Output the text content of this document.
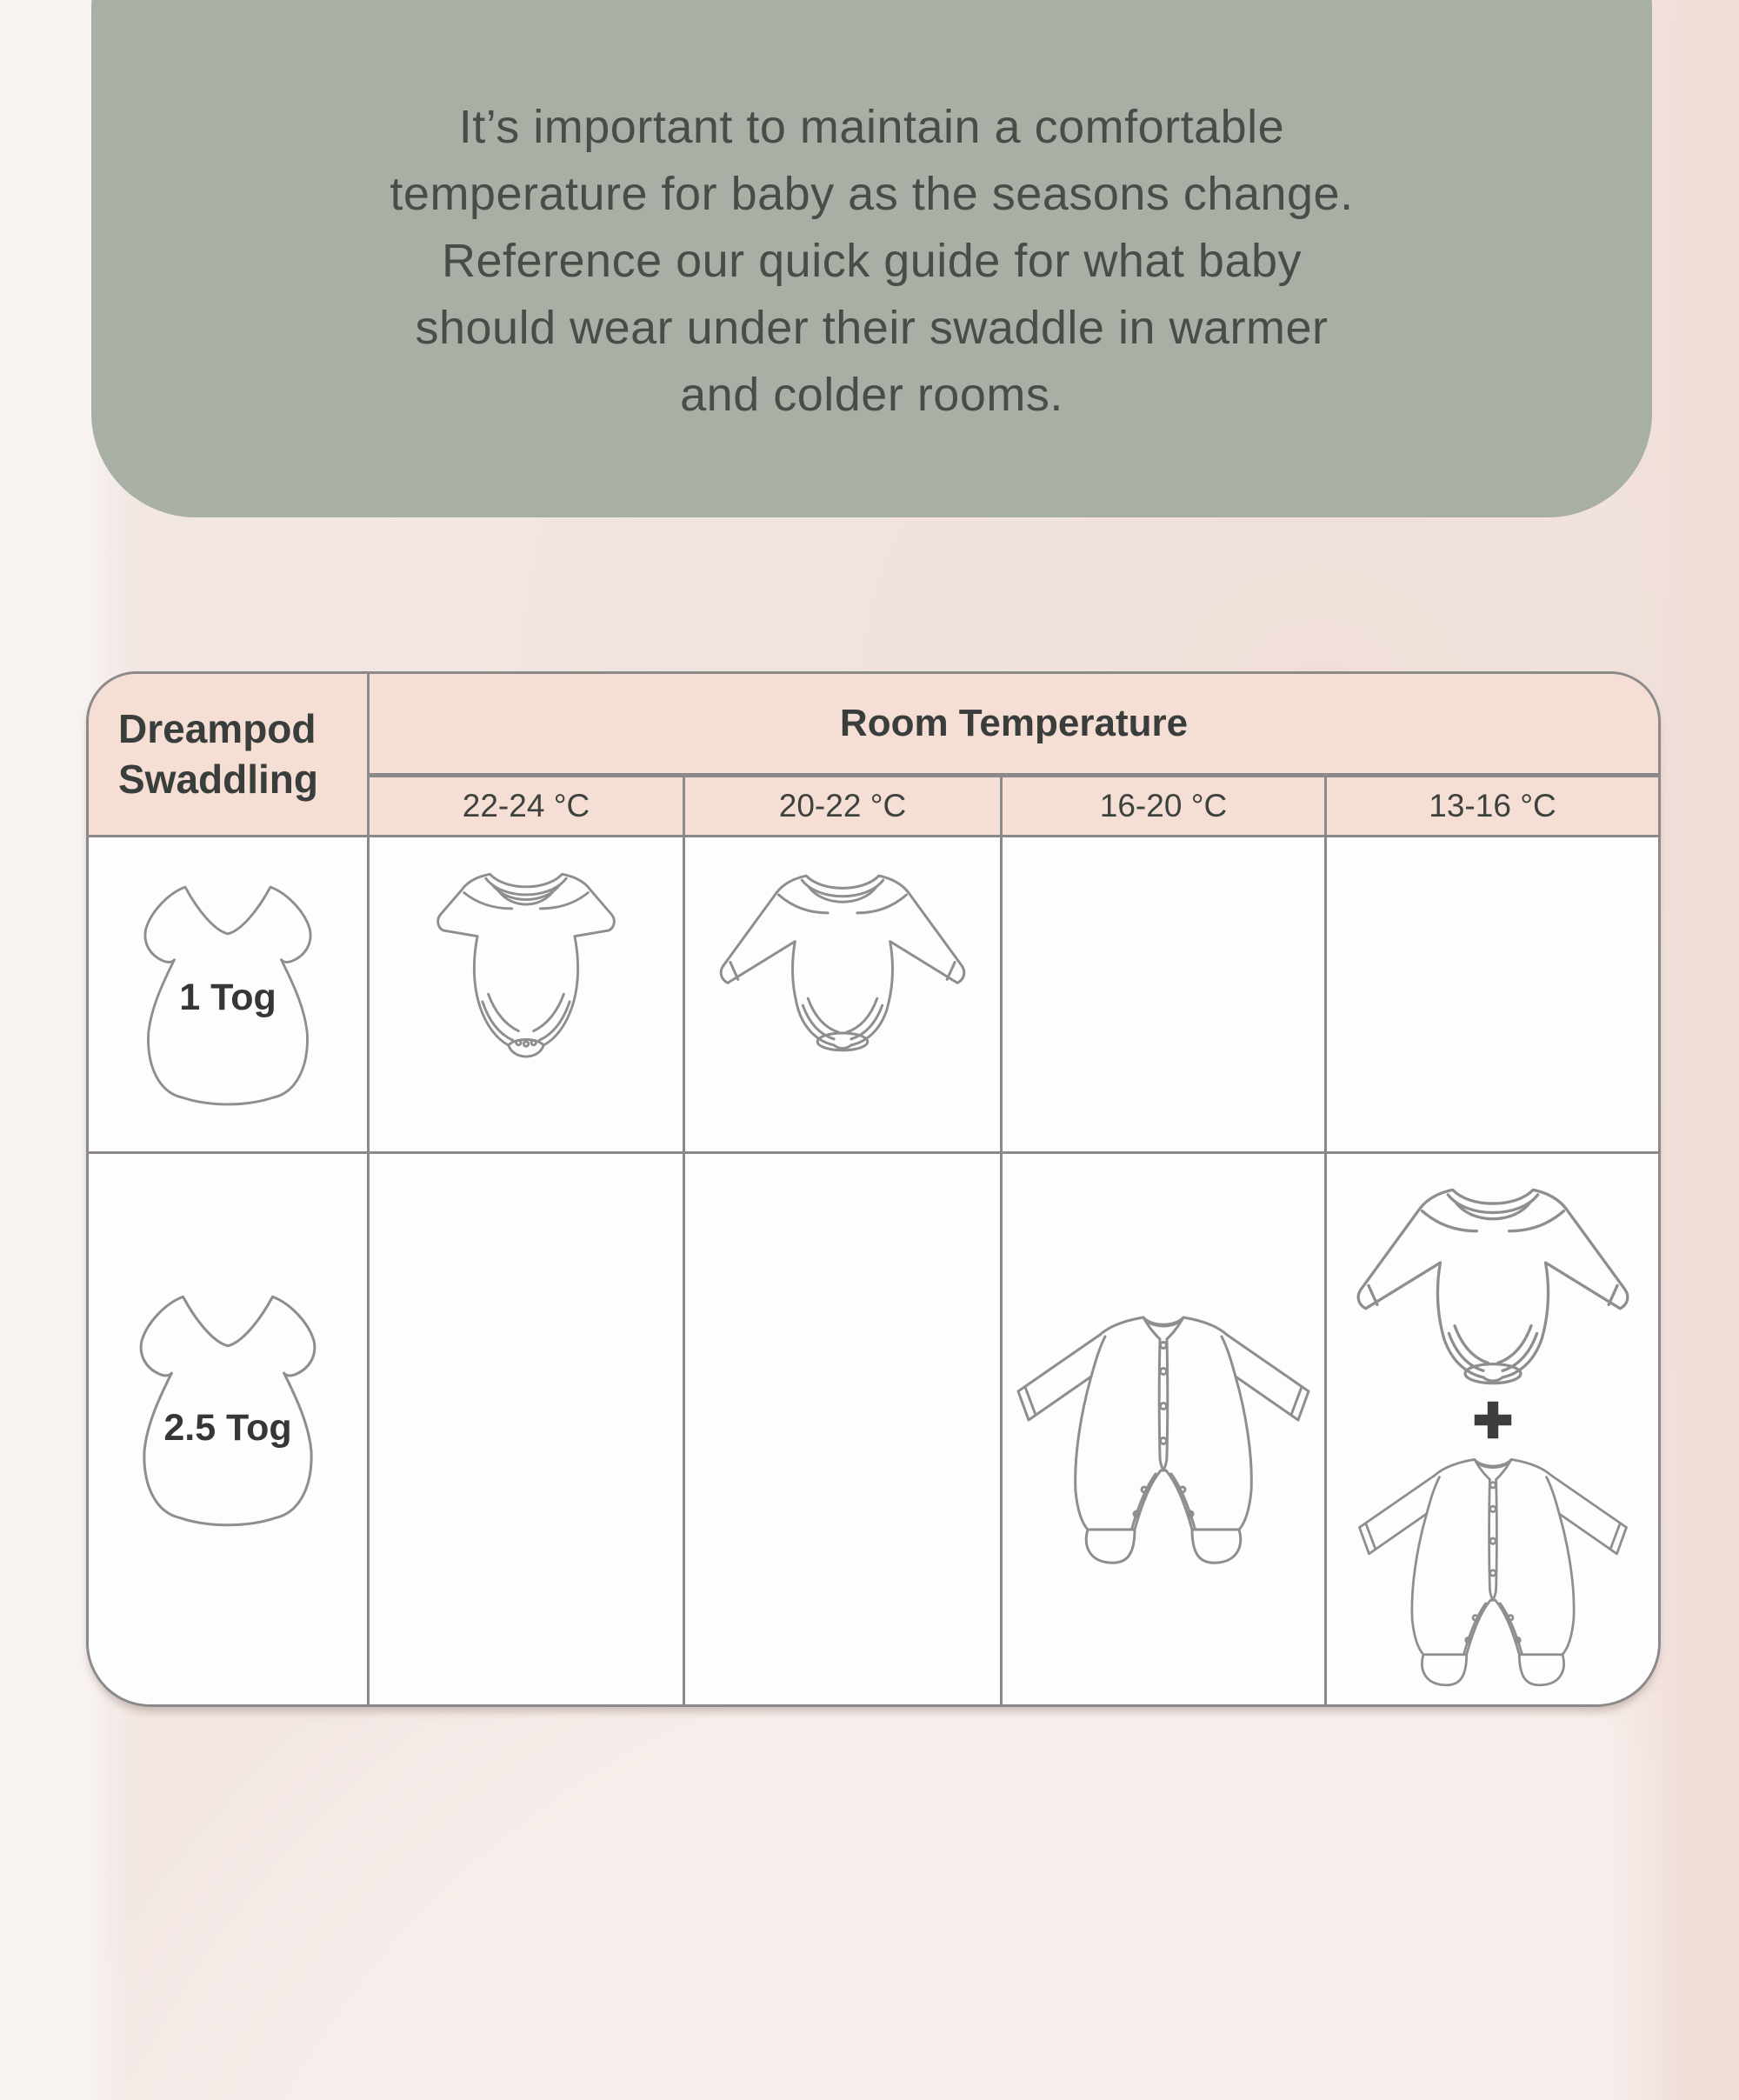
It’s important to maintain a comfortable
temperature for baby as the seasons change.
Reference our quick guide for what baby
should wear under their swaddle in warmer
and colder rooms.
Dreampod Swaddling
Room Temperature
22-24 °C	20-22 °C	16-20 °C	13-16 °C
1 Tog
2.5 Tog
